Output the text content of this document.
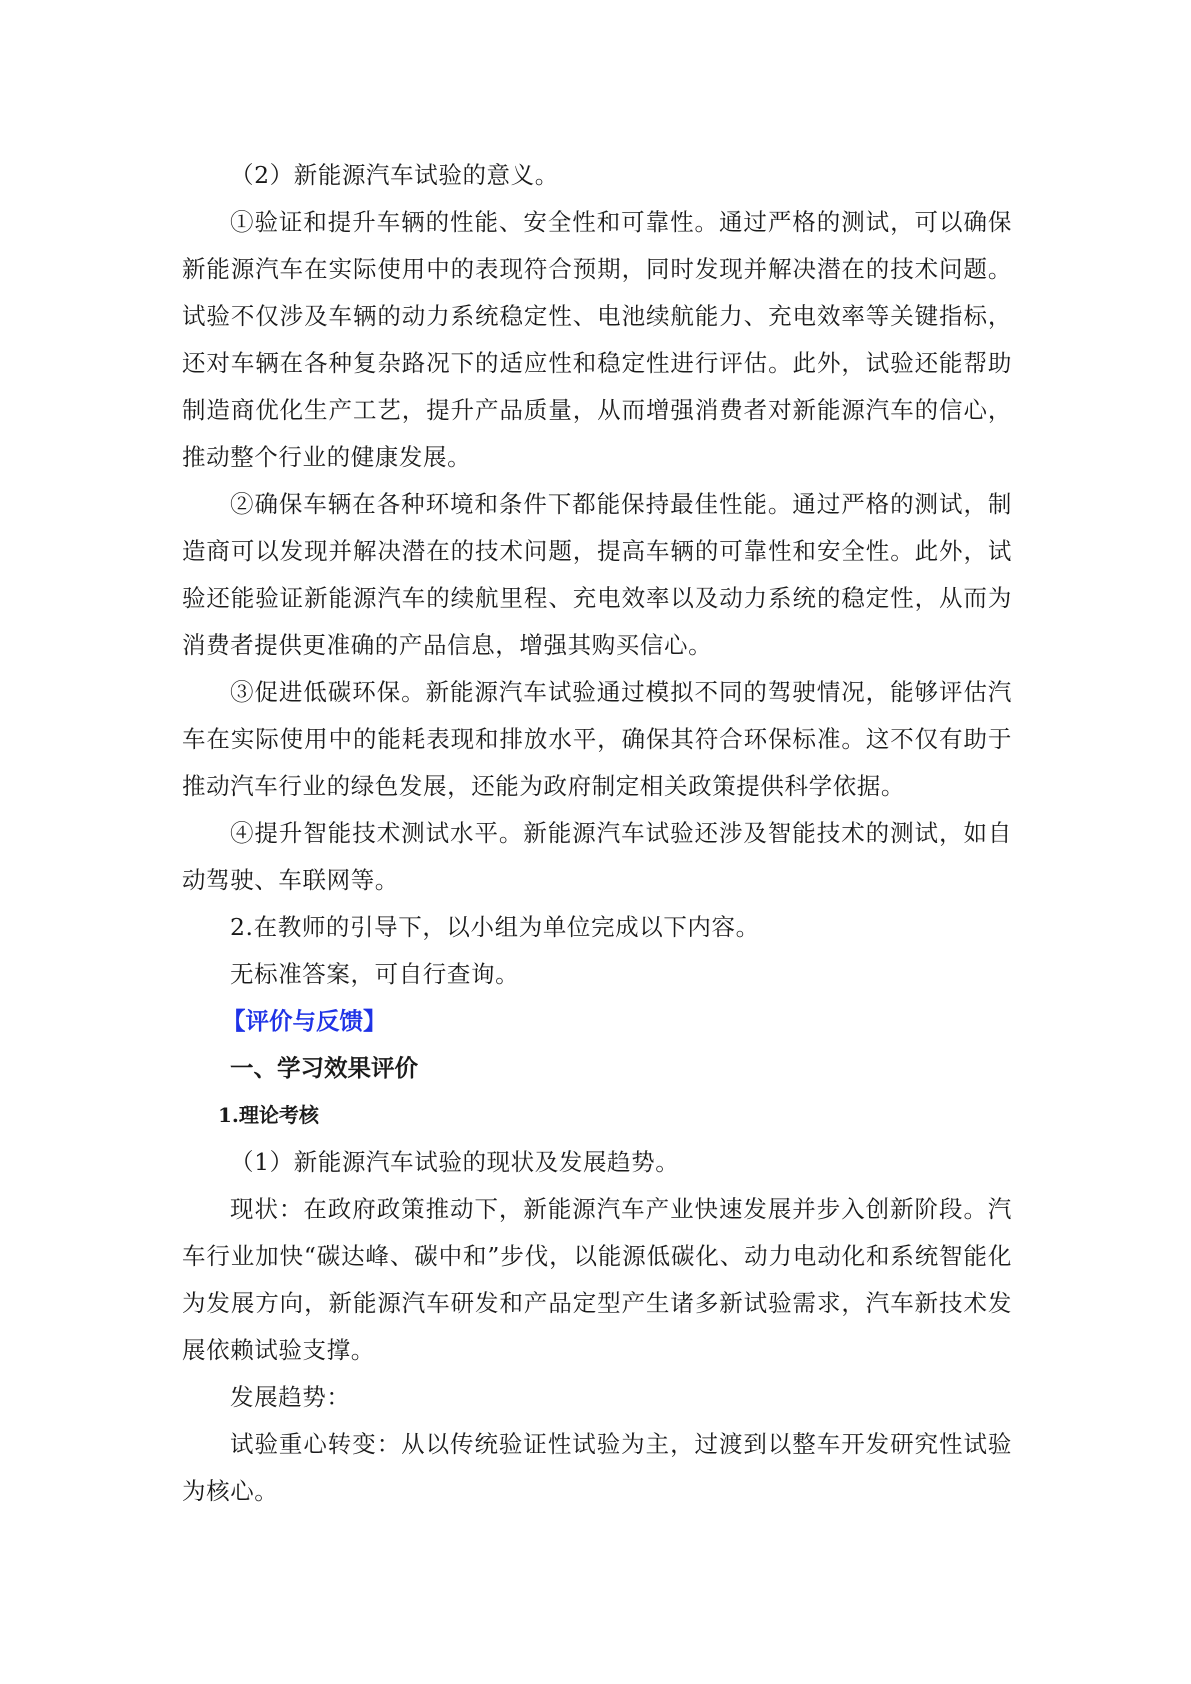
（2）新能源汽车试验的意义。

①验证和提升车辆的性能、安全性和可靠性。通过严格的测试，可以确保新能源汽车在实际使用中的表现符合预期，同时发现并解决潜在的技术问题。试验不仅涉及车辆的动力系统稳定性、电池续航能力、充电效率等关键指标，还对车辆在各种复杂路况下的适应性和稳定性进行评估。此外，试验还能帮助制造商优化生产工艺，提升产品质量，从而增强消费者对新能源汽车的信心，推动整个行业的健康发展。

②确保车辆在各种环境和条件下都能保持最佳性能。通过严格的测试，制造商可以发现并解决潜在的技术问题，提高车辆的可靠性和安全性。此外，试验还能验证新能源汽车的续航里程、充电效率以及动力系统的稳定性，从而为消费者提供更准确的产品信息，增强其购买信心。

③促进低碳环保。新能源汽车试验通过模拟不同的驾驶情况，能够评估汽车在实际使用中的能耗表现和排放水平，确保其符合环保标准。这不仅有助于推动汽车行业的绿色发展，还能为政府制定相关政策提供科学依据。

④提升智能技术测试水平。新能源汽车试验还涉及智能技术的测试，如自动驾驶、车联网等。

2.在教师的引导下，以小组为单位完成以下内容。

无标准答案，可自行查询。

【评价与反馈】

一、学习效果评价

1.理论考核

（1）新能源汽车试验的现状及发展趋势。

现状：在政府政策推动下，新能源汽车产业快速发展并步入创新阶段。汽车行业加快“碳达峰、碳中和”步伐，以能源低碳化、动力电动化和系统智能化为发展方向，新能源汽车研发和产品定型产生诸多新试验需求，汽车新技术发展依赖试验支撑。

发展趋势：

试验重心转变：从以传统验证性试验为主，过渡到以整车开发研究性试验为核心。
